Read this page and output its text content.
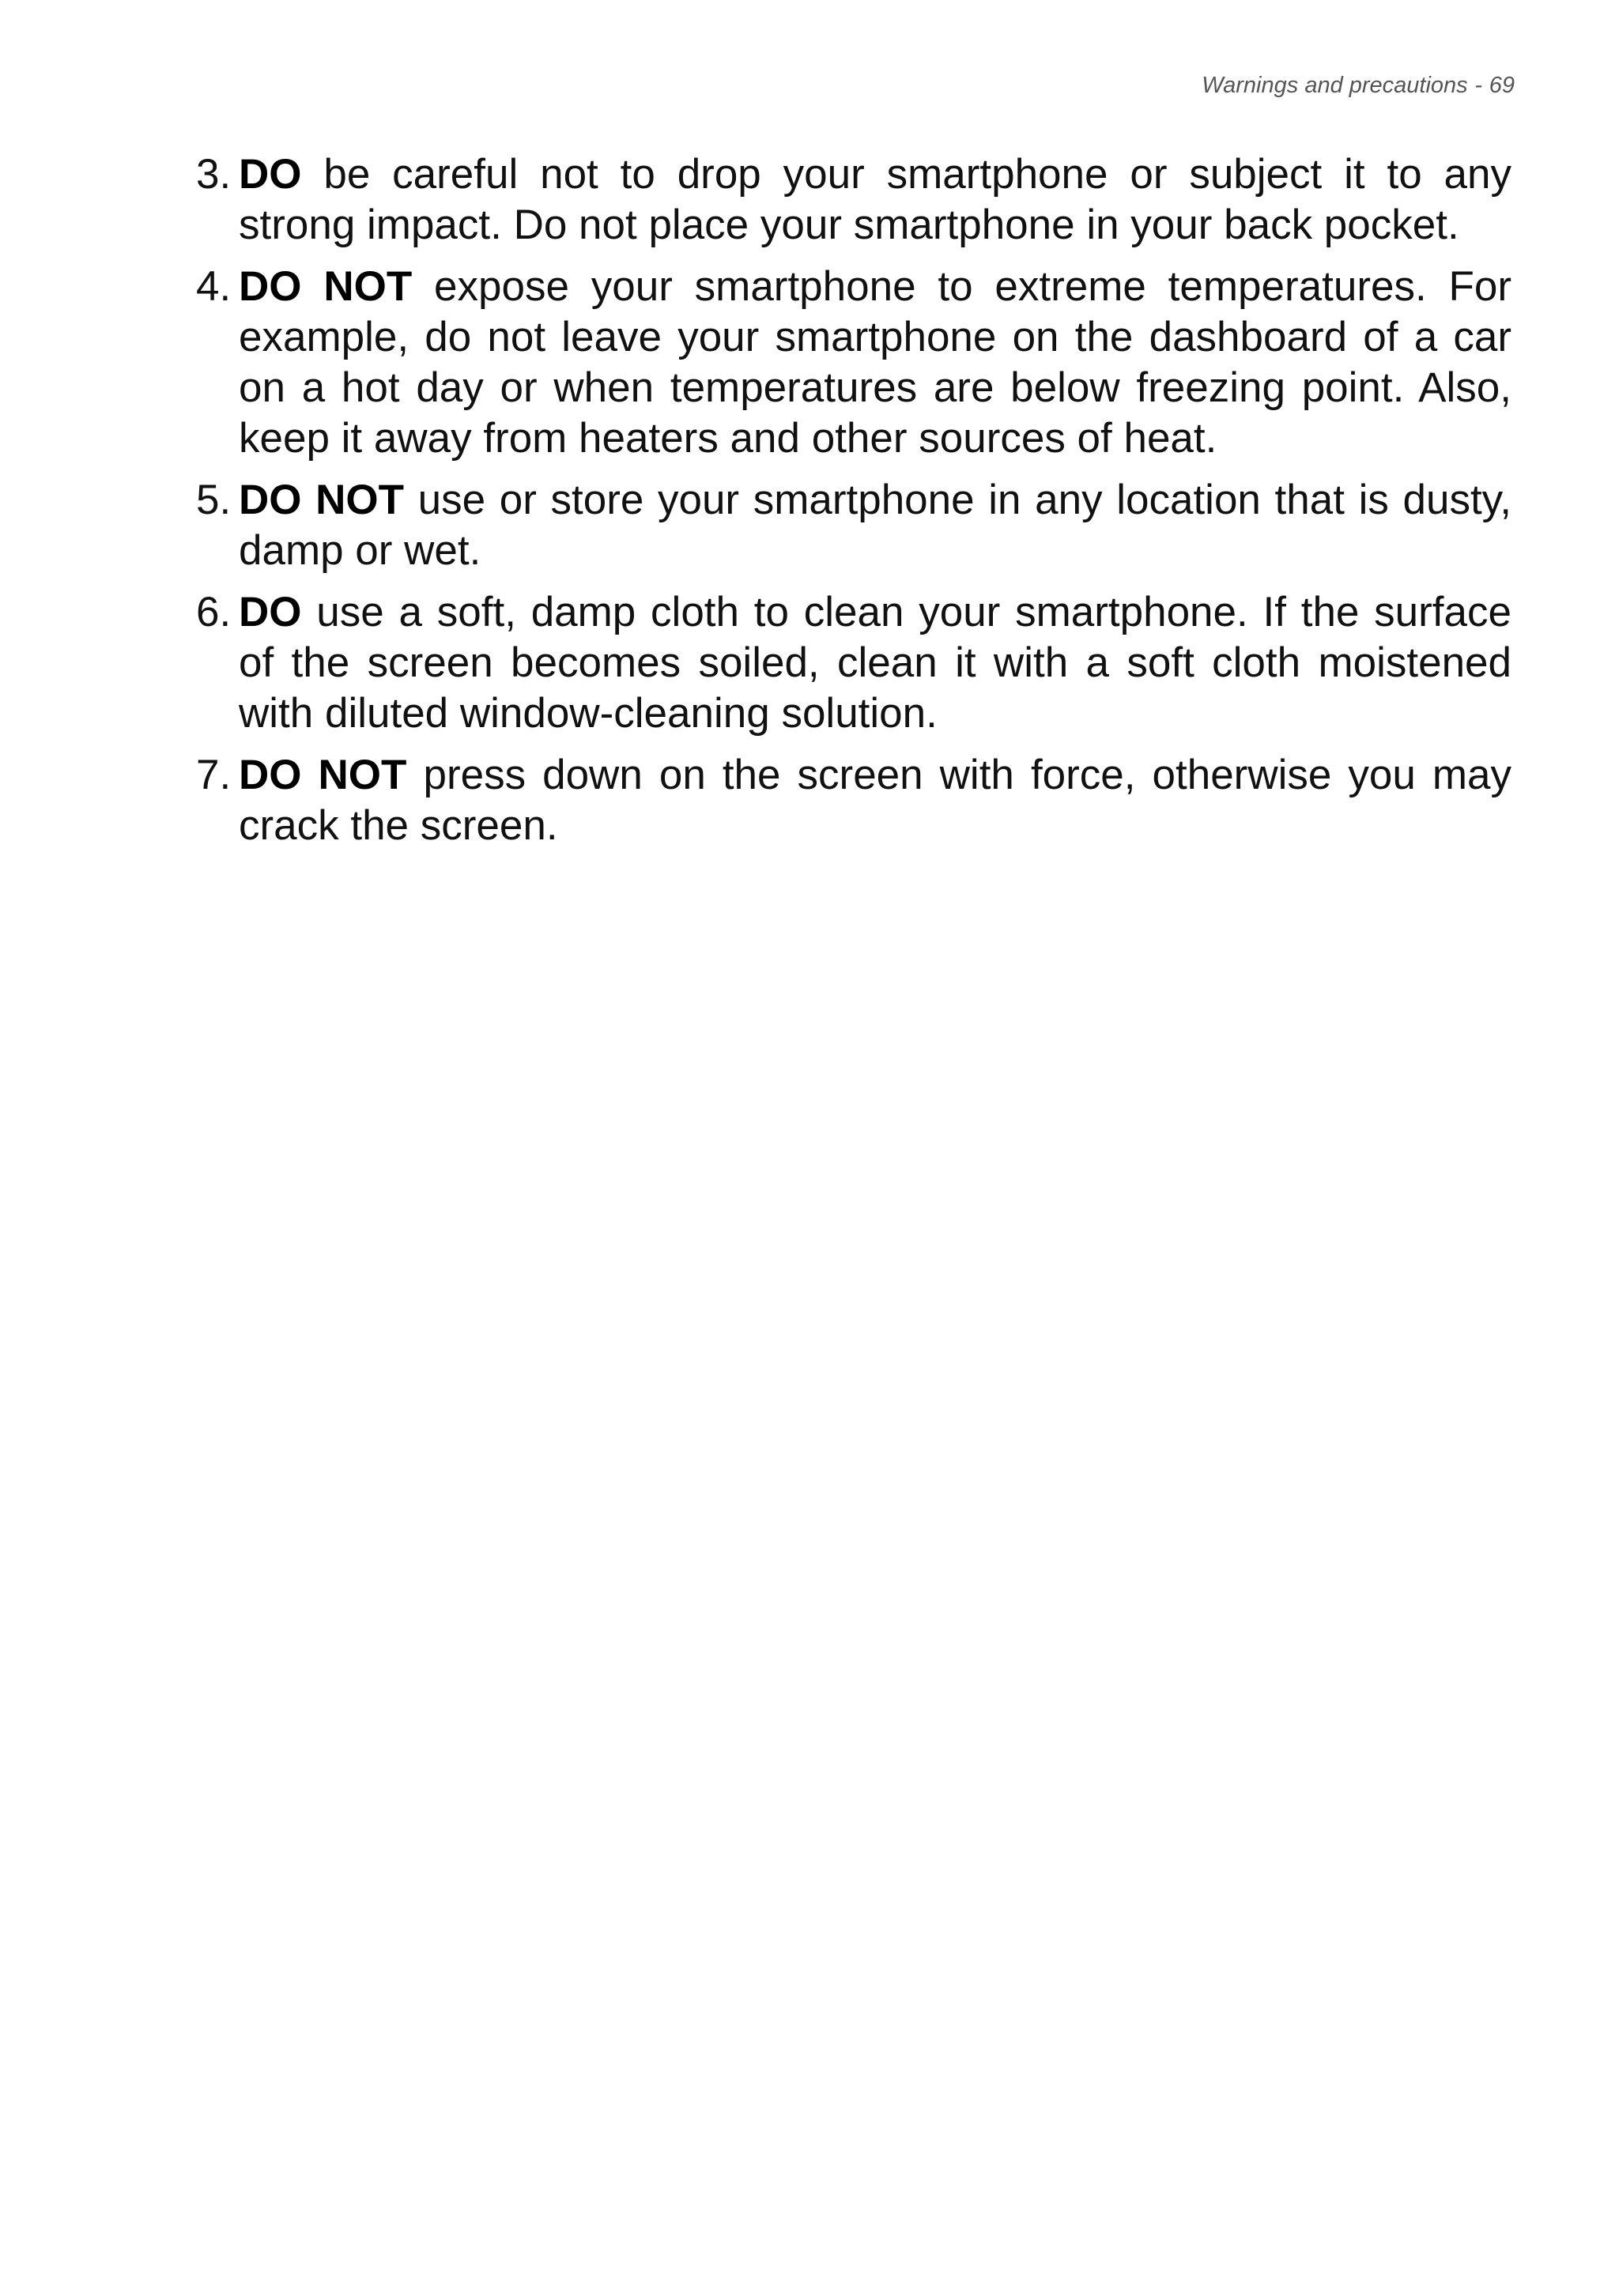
Warnings and precautions - 69
3. DO be careful not to drop your smartphone or subject it to any strong impact. Do not place your smartphone in your back pocket.
4. DO NOT expose your smartphone to extreme temperatures. For example, do not leave your smartphone on the dashboard of a car on a hot day or when temperatures are below freezing point. Also, keep it away from heaters and other sources of heat.
5. DO NOT use or store your smartphone in any location that is dusty, damp or wet.
6. DO use a soft, damp cloth to clean your smartphone. If the surface of the screen becomes soiled, clean it with a soft cloth moistened with diluted window-cleaning solution.
7. DO NOT press down on the screen with force, otherwise you may crack the screen.
